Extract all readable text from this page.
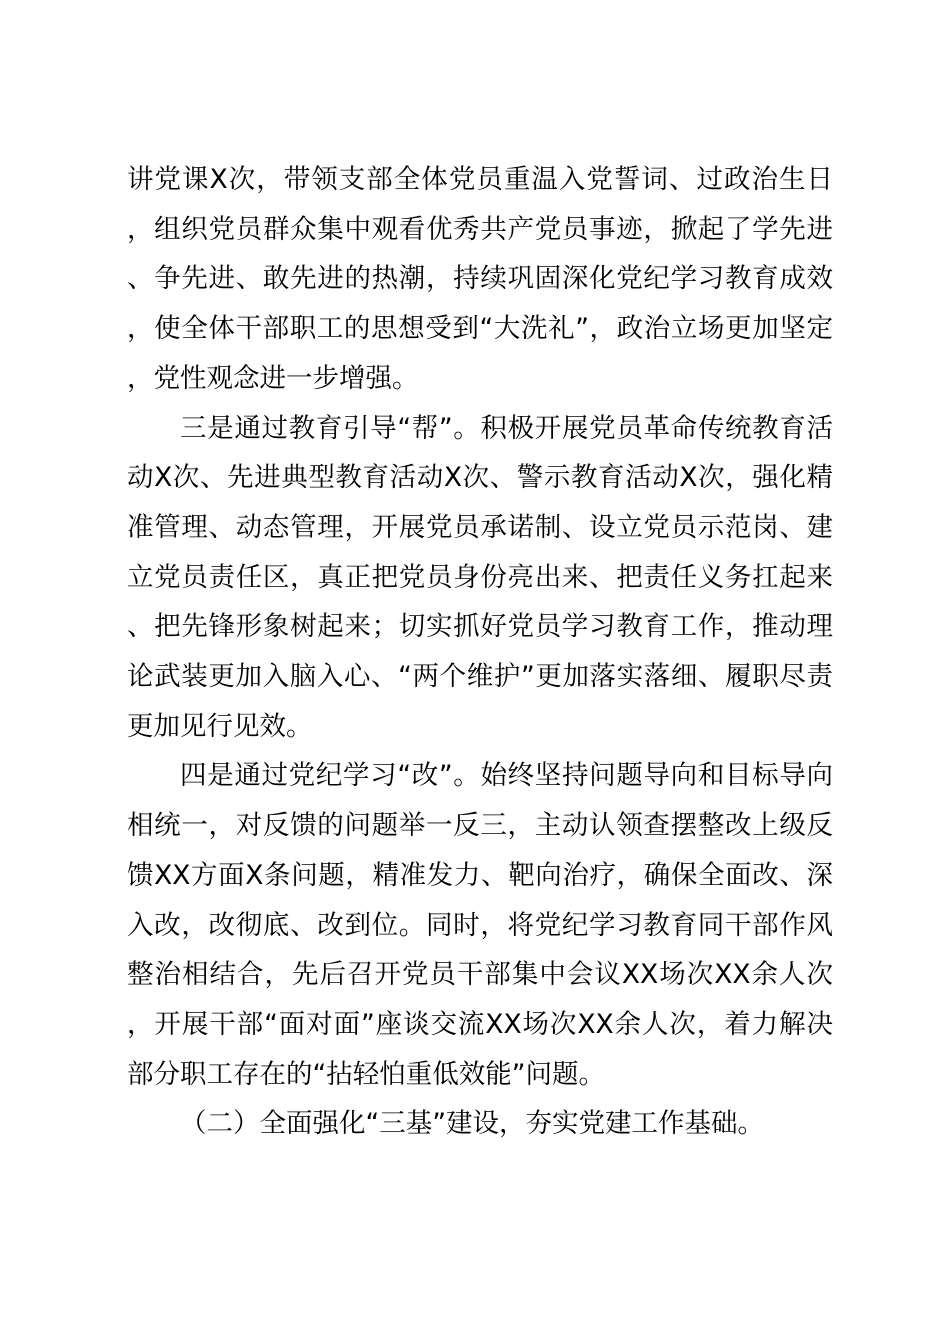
讲党课X次，带领支部全体党员重温入党誓词、过政治生日，组织党员群众集中观看优秀共产党员事迹，掀起了学先进、争先进、敢先进的热潮，持续巩固深化党纪学习教育成效，使全体干部职工的思想受到“大洗礼”，政治立场更加坚定，党性观念进一步增强。

三是通过教育引导“帮”。积极开展党员革命传统教育活动X次、先进典型教育活动X次、警示教育活动X次，强化精准管理、动态管理，开展党员承诺制、设立党员示范岗、建立党员责任区，真正把党员身份亮出来、把责任义务扛起来、把先锋形象树起来；切实抓好党员学习教育工作，推动理论武装更加入脑入心、“两个维护”更加落实落细、履职尽责更加见行见效。

四是通过党纪学习“改”。始终坚持问题导向和目标导向相统一，对反馈的问题举一反三，主动认领查摆整改上级反馈XX方面X条问题，精准发力、靶向治疗，确保全面改、深入改，改彻底、改到位。同时，将党纪学习教育同干部作风整治相结合，先后召开党员干部集中会议XX场次XX余人次，开展干部“面对面”座谈交流XX场次XX余人次，着力解决部分职工存在的“拈轻怕重低效能”问题。

（二）全面强化“三基”建设，夯实党建工作基础。
